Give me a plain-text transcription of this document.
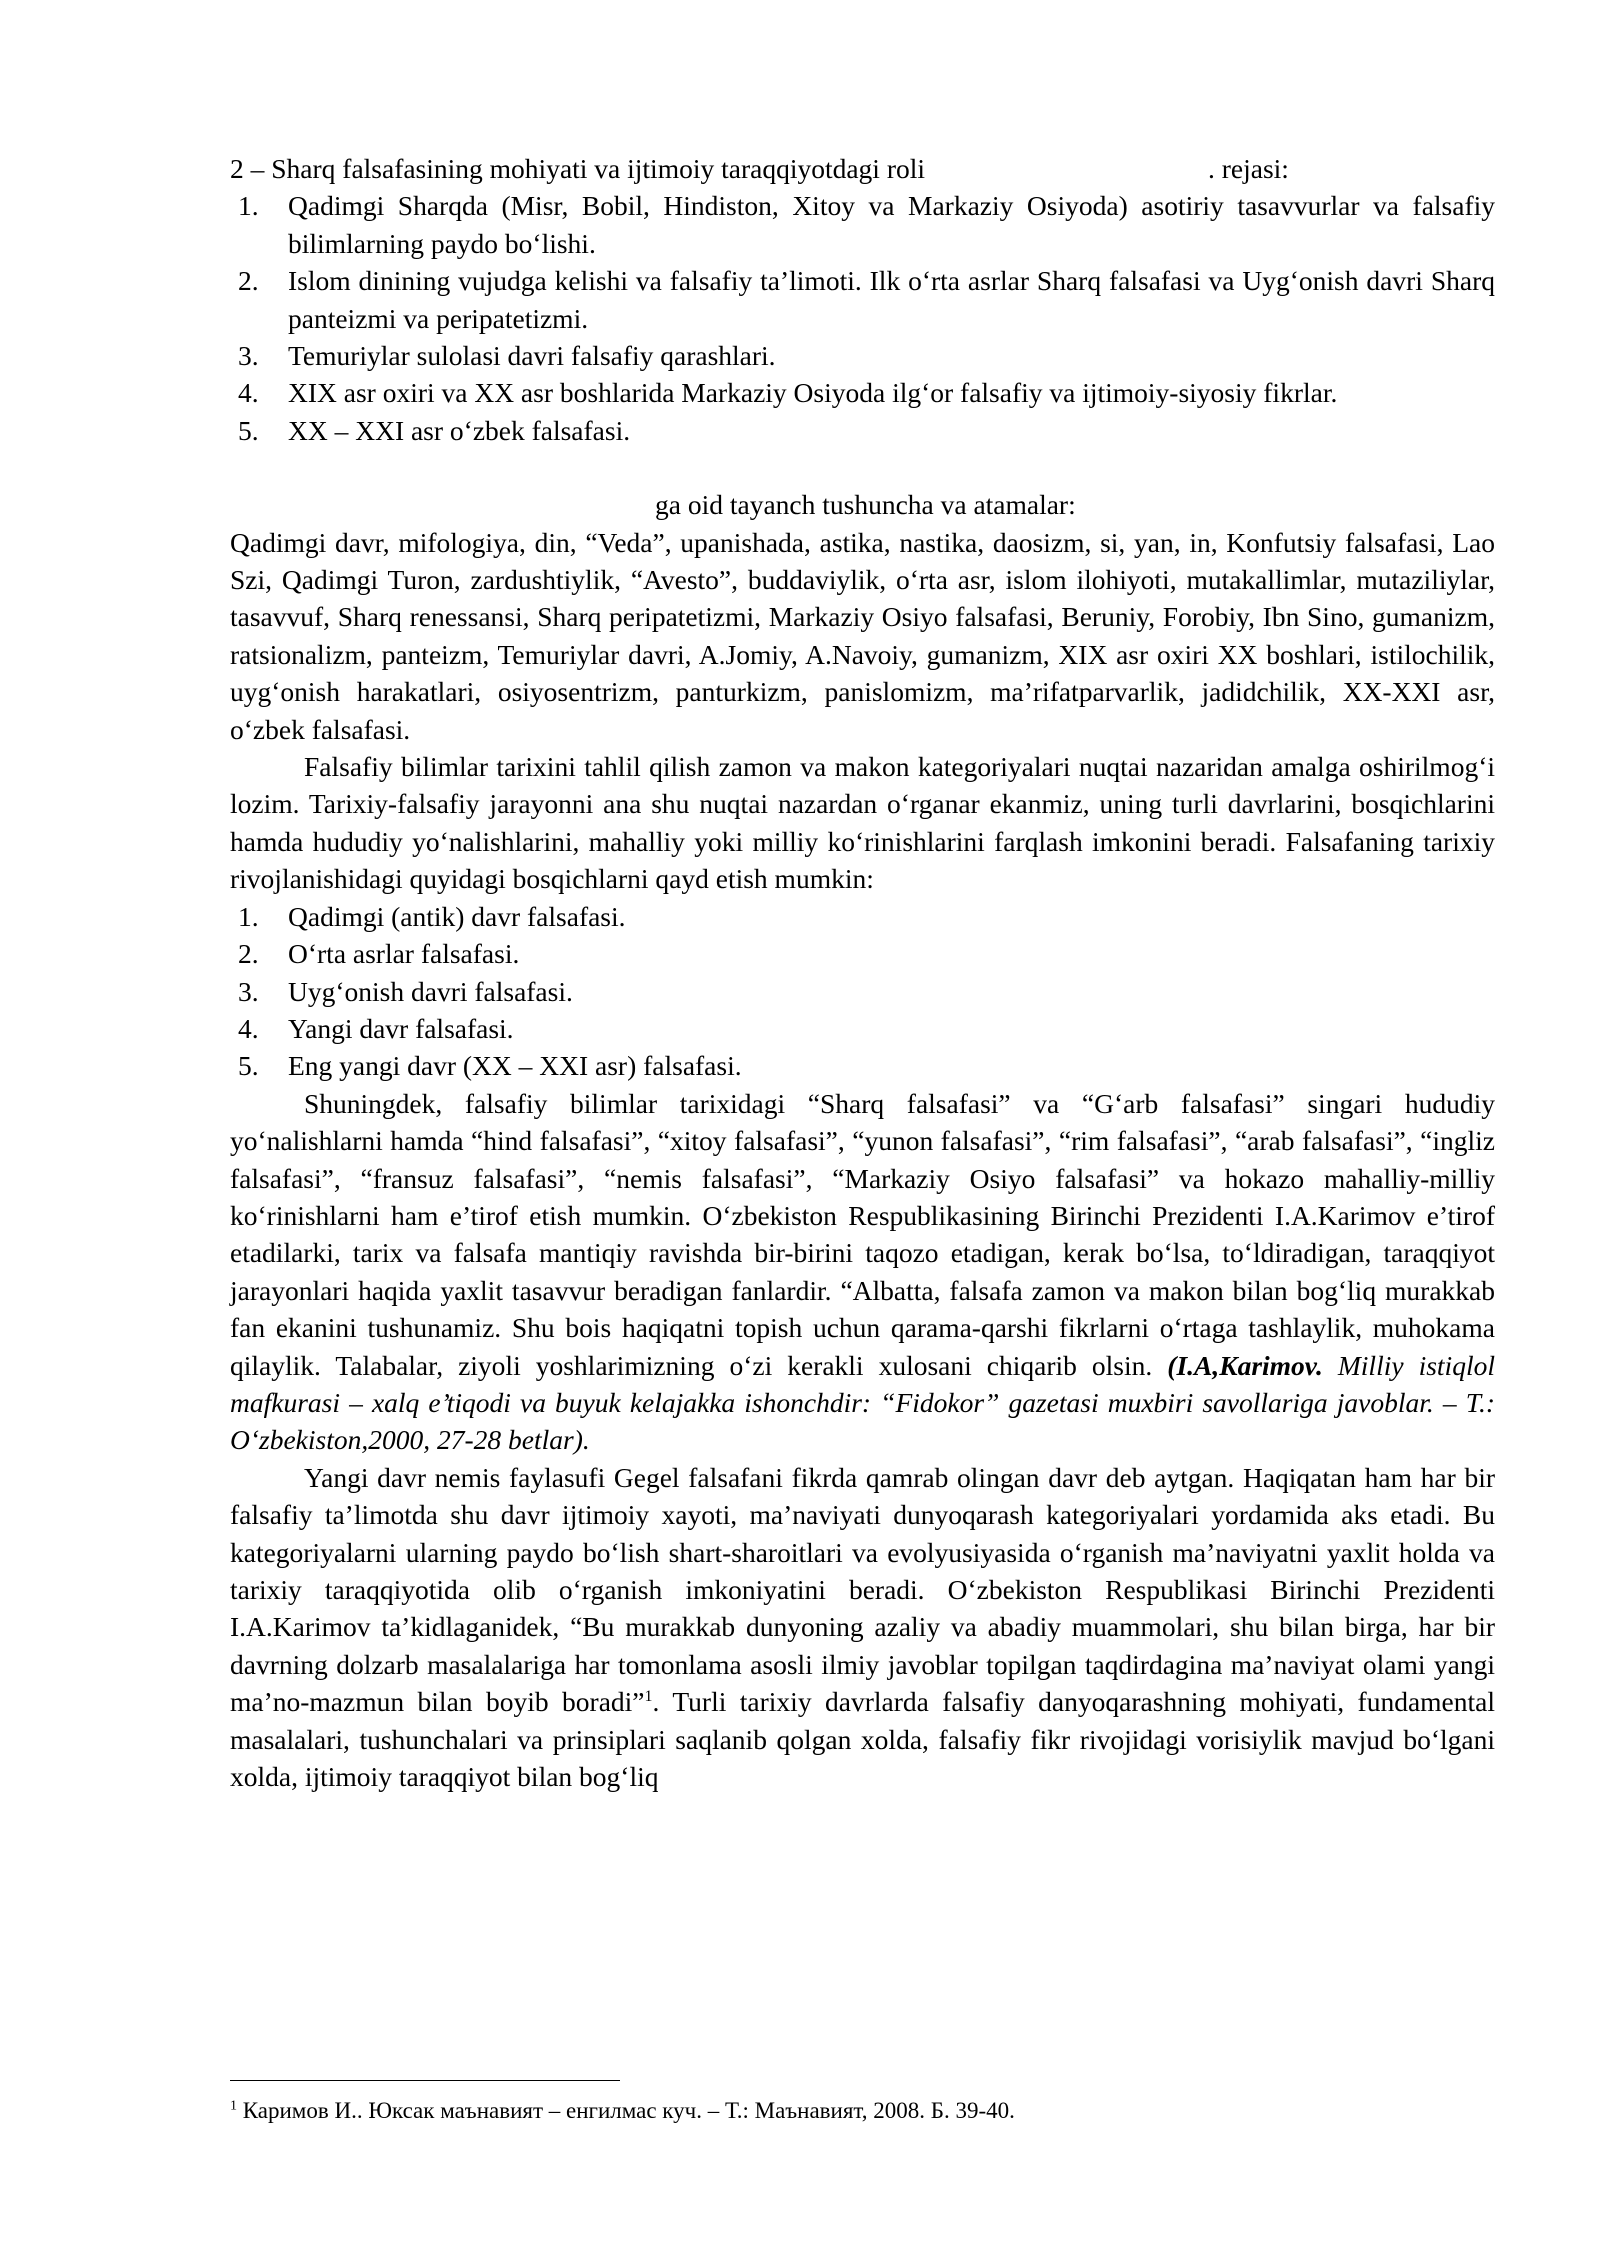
2 – Sharq falsafasining mohiyati va ijtimoiy taraqqiyotdagi roli	. rejasi:
1. Qadimgi Sharqda (Misr, Bobil, Hindiston, Xitoy va Markaziy Osiyoda) asotiriy tasavvurlar va falsafiy bilimlarning paydo bo‘lishi.
2. Islom dinining vujudga kelishi va falsafiy ta’limoti. Ilk o‘rta asrlar Sharq falsafasi va Uyg‘onish davri Sharq panteizmi va peripatetizmi.
3. Temuriylar sulolasi davri falsafiy qarashlari.
4. XIX asr oxiri va XX asr boshlarida Markaziy Osiyoda ilg‘or falsafiy va ijtimoiy-siyosiy fikrlar.
5. XX – XXI asr o‘zbek falsafasi.

ga oid tayanch tushuncha va atamalar:

Qadimgi davr, mifologiya, din, “Veda”, upanishada, astika, nastika, daosizm, si, yan, in, Konfutsiy falsafasi, Lao Szi, Qadimgi Turon, zardushtiylik, “Avesto”, buddaviylik, o‘rta asr, islom ilohiyoti, mutakallimlar, mutaziliylar, tasavvuf, Sharq renessansi, Sharq peripatetizmi, Markaziy Osiyo falsafasi, Beruniy, Forobiy, Ibn Sino, gumanizm, ratsionalizm, panteizm, Temuriylar davri, A.Jomiy, A.Navoiy, gumanizm, XIX asr oxiri XX boshlari, istilochilik, uyg‘onish harakatlari, osiyosentrizm, panturkizm, panislomizm, ma’rifatparvarlik, jadidchilik, XX-XXI asr, o‘zbek falsafasi.

Falsafiy bilimlar tarixini tahlil qilish zamon va makon kategoriyalari nuqtai nazaridan amalga oshirilmog‘i lozim. Tarixiy-falsafiy jarayonni ana shu nuqtai nazardan o‘rganar ekanmiz, uning turli davrlarini, bosqichlarini hamda hududiy yo‘nalishlarini, mahalliy yoki milliy ko‘rinishlarini farqlash imkonini beradi. Falsafaning tarixiy rivojlanishidagi quyidagi bosqichlarni qayd etish mumkin:

1. Qadimgi (antik) davr falsafasi.
2. O‘rta asrlar falsafasi.
3. Uyg‘onish davri falsafasi.
4. Yangi davr falsafasi.
5. Eng yangi davr (XX – XXI asr) falsafasi.

Shuningdek, falsafiy bilimlar tarixidagi “Sharq falsafasi” va “G‘arb falsafasi” singari hududiy yo‘nalishlarni hamda “hind falsafasi”, “xitoy falsafasi”, “yunon falsafasi”, “rim falsafasi”, “arab falsafasi”, “ingliz falsafasi”, “fransuz falsafasi”, “nemis falsafasi”, “Markaziy Osiyo falsafasi” va hokazo mahalliy-milliy ko‘rinishlarni ham e’tirof etish mumkin. O‘zbekiston Respublikasining Birinchi Prezidenti I.A.Karimov e’tirof etadilarki, tarix va falsafa mantiqiy ravishda bir-birini taqozo etadigan, kerak bo‘lsa, to‘ldiradigan, taraqqiyot jarayonlari haqida yaxlit tasavvur beradigan fanlardir. “Albatta, falsafa zamon va makon bilan bog‘liq murakkab fan ekanini tushunamiz. Shu bois haqiqatni topish uchun qarama-qarshi fikrlarni o‘rtaga tashlaylik, muhokama qilaylik. Talabalar, ziyoli yoshlarimizning o‘zi kerakli xulosani chiqarib olsin. (I.A,Karimov. Milliy istiqlol mafkurasi – xalq e’tiqodi va buyuk kelajakka ishonchdir: “Fidokor” gazetasi muxbiri savollariga javoblar. – T.: O‘zbekiston,2000, 27-28 betlar).

Yangi davr nemis faylasufi Gegel falsafani fikrda qamrab olingan davr deb aytgan. Haqiqatan ham har bir falsafiy ta’limotda shu davr ijtimoiy xayoti, ma’naviyati dunyoqarash kategoriyalari yordamida aks etadi. Bu kategoriyalarni ularning paydo bo‘lish shart-sharoitlari va evolyusiyasida o‘rganish ma’naviyatni yaxlit holda va tarixiy taraqqiyotida olib o‘rganish imkoniyatini beradi. O‘zbekiston Respublikasi Birinchi Prezidenti I.A.Karimov ta’kidlaganidek, “Bu murakkab dunyoning azaliy va abadiy muammolari, shu bilan birga, har bir davrning dolzarb masalalariga har tomonlama asosli ilmiy javoblar topilgan taqdirdagina ma’naviyat olami yangi ma’no-mazmun bilan boyib boradi”$^1$. Turli tarixiy davrlarda falsafiy danyoqarashning mohiyati, fundamental masalalari, tushunchalari va prinsiplari saqlanib qolgan xolda, falsafiy fikr rivojidagi vorisiylik mavjud bo‘lgani xolda, ijtimoiy taraqqiyot bilan bog‘liq

$^1$ Каримов И.. Юксак маънавият – енгилмас куч. – Т.: Маънавият, 2008. Б. 39-40.
